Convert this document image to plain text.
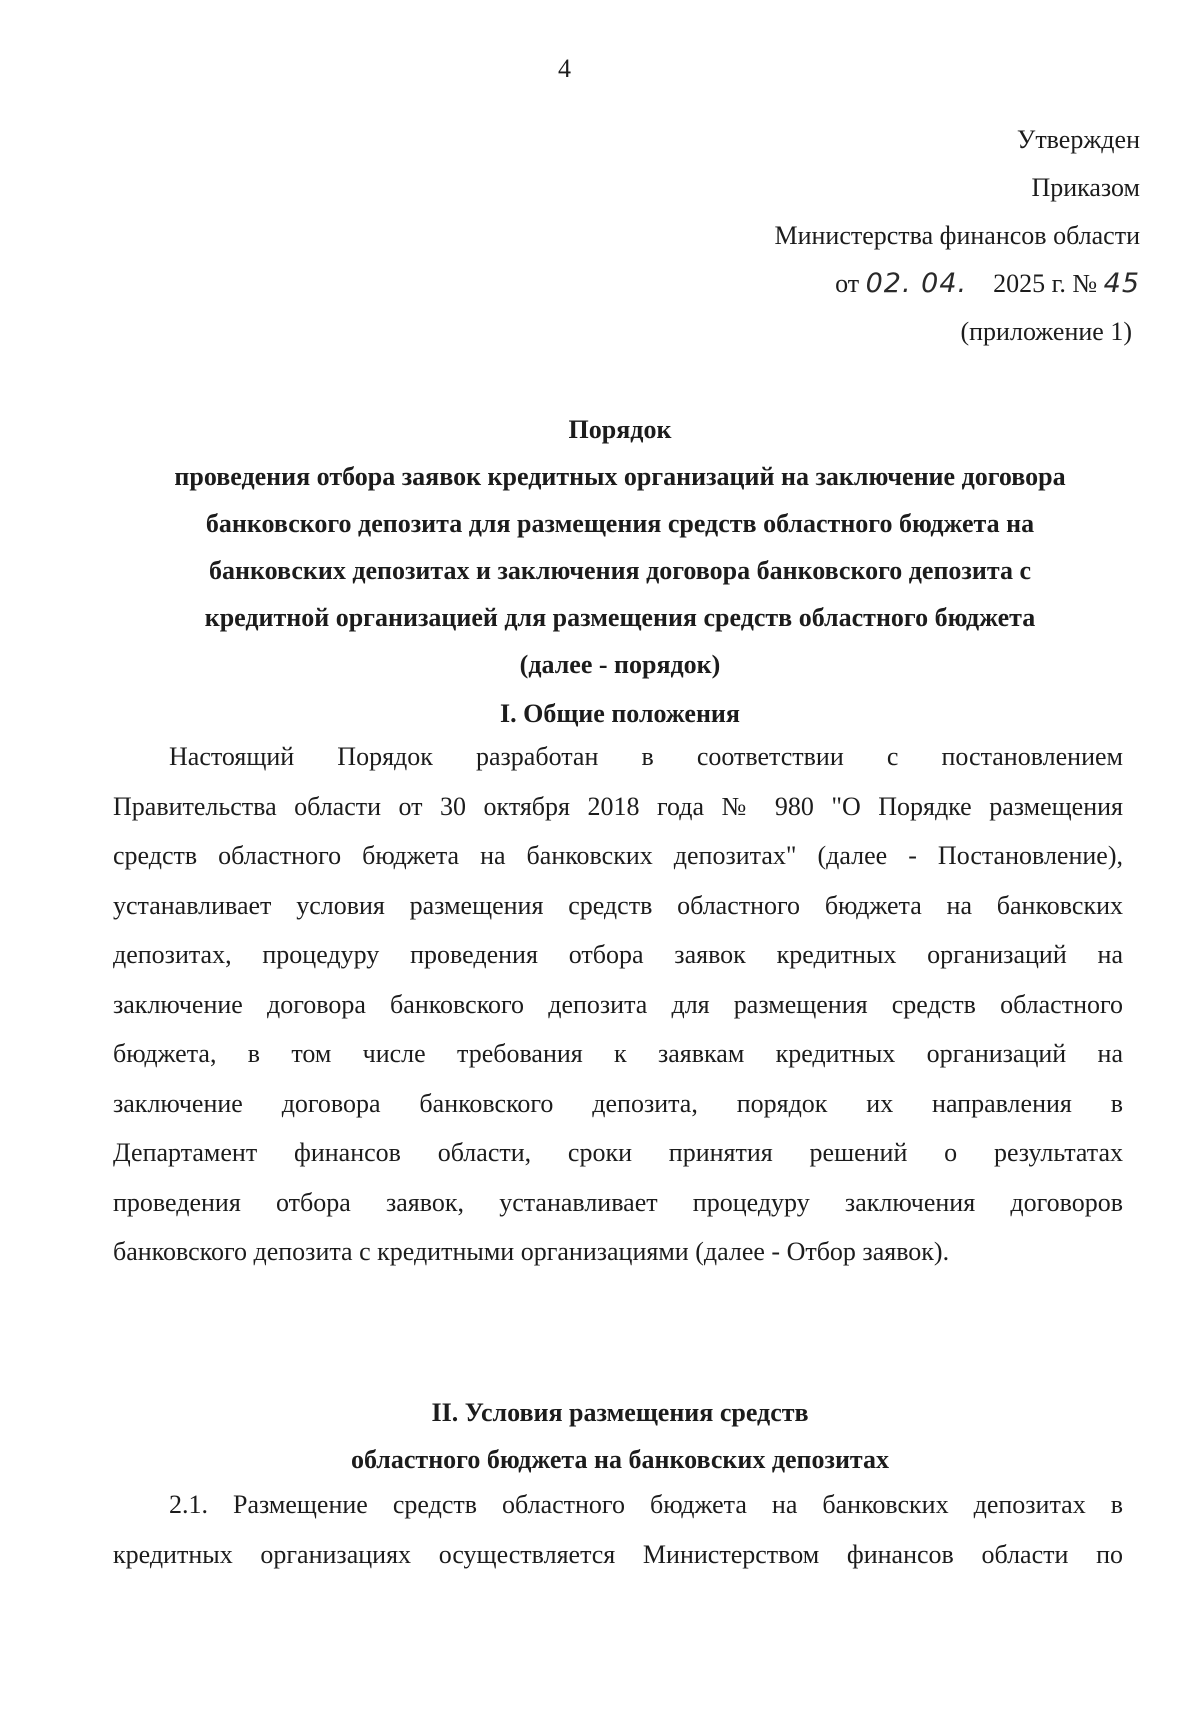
4
Утвержден
Приказом
Министерства финансов области
от 02. 04. 2025 г. № 45
(приложение 1)
Порядок
проведения отбора заявок кредитных организаций на заключение договора
банковского депозита для размещения средств областного бюджета на
банковских депозитах и заключения договора банковского депозита с
кредитной организацией для размещения средств областного бюджета
(далее - порядок)
I. Общие положения
Настоящий Порядок разработан в соответствии с постановлением
Правительства области от 30 октября 2018 года № 980 "О Порядке размещения
средств областного бюджета на банковских депозитах" (далее - Постановление),
устанавливает условия размещения средств областного бюджета на банковских
депозитах, процедуру проведения отбора заявок кредитных организаций на
заключение договора банковского депозита для размещения средств областного
бюджета, в том числе требования к заявкам кредитных организаций на
заключение договора банковского депозита, порядок их направления в
Департамент финансов области, сроки принятия решений о результатах
проведения отбора заявок, устанавливает процедуру заключения договоров
банковского депозита с кредитными организациями (далее - Отбор заявок).
II. Условия размещения средств
областного бюджета на банковских депозитах
2.1. Размещение средств областного бюджета на банковских депозитах в
кредитных организациях осуществляется Министерством финансов области по
